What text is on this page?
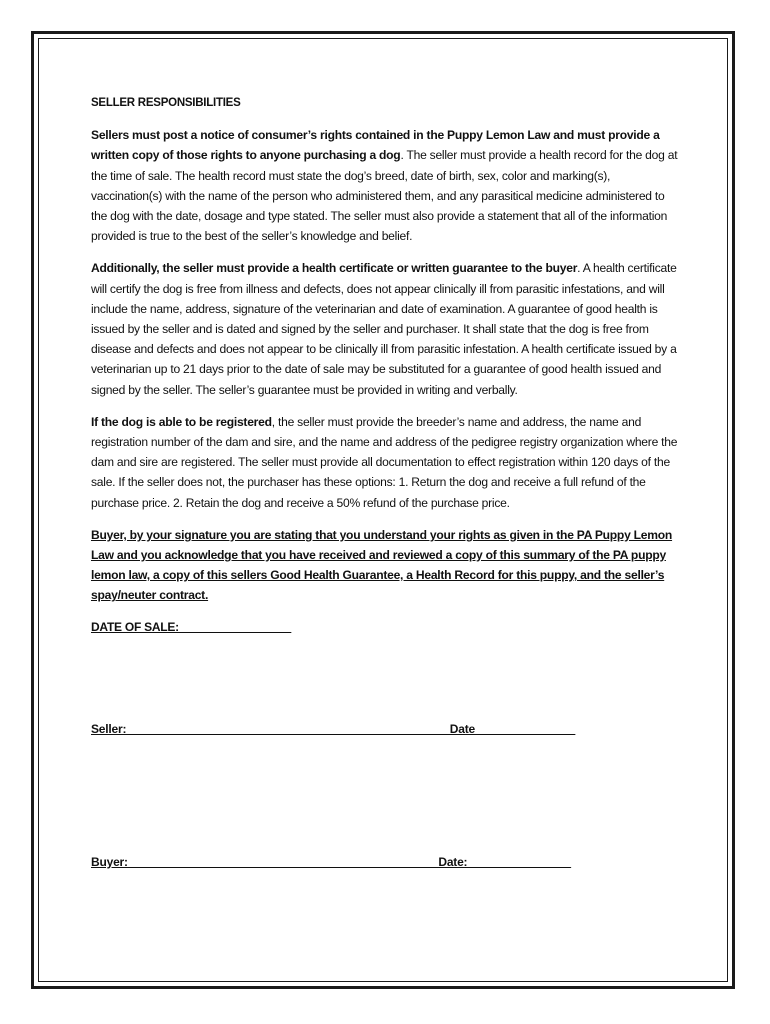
SELLER RESPONSIBILITIES

Sellers must post a notice of consumer’s rights contained in the Puppy Lemon Law and must provide a written copy of those rights to anyone purchasing a dog. The seller must provide a health record for the dog at the time of sale. The health record must state the dog’s breed, date of birth, sex, color and marking(s), vaccination(s) with the name of the person who administered them, and any parasitical medicine administered to the dog with the date, dosage and type stated. The seller must also provide a statement that all of the information provided is true to the best of the seller’s knowledge and belief.

Additionally, the seller must provide a health certificate or written guarantee to the buyer. A health certificate will certify the dog is free from illness and defects, does not appear clinically ill from parasitic infestations, and will include the name, address, signature of the veterinarian and date of examination. A guarantee of good health is issued by the seller and is dated and signed by the seller and purchaser. It shall state that the dog is free from disease and defects and does not appear to be clinically ill from parasitic infestation. A health certificate issued by a veterinarian up to 21 days prior to the date of sale may be substituted for a guarantee of good health issued and signed by the seller. The seller’s guarantee must be provided in writing and verbally.

If the dog is able to be registered, the seller must provide the breeder’s name and address, the name and registration number of the dam and sire, and the name and address of the pedigree registry organization where the dam and sire are registered. The seller must provide all documentation to effect registration within 120 days of the sale. If the seller does not, the purchaser has these options: 1. Return the dog and receive a full refund of the purchase price. 2. Retain the dog and receive a 50% refund of the purchase price.

Buyer, by your signature you are stating that you understand your rights as given in the PA Puppy Lemon Law and you acknowledge that you have received and reviewed a copy of this summary of the PA puppy lemon law, a copy of this sellers Good Health Guarantee, a Health Record for this puppy, and the seller’s spay/neuter contract.
DATE OF SALE: _________________
Seller: _________________________________________________ Date _______________
Buyer: _______________________________________________ Date:________________
